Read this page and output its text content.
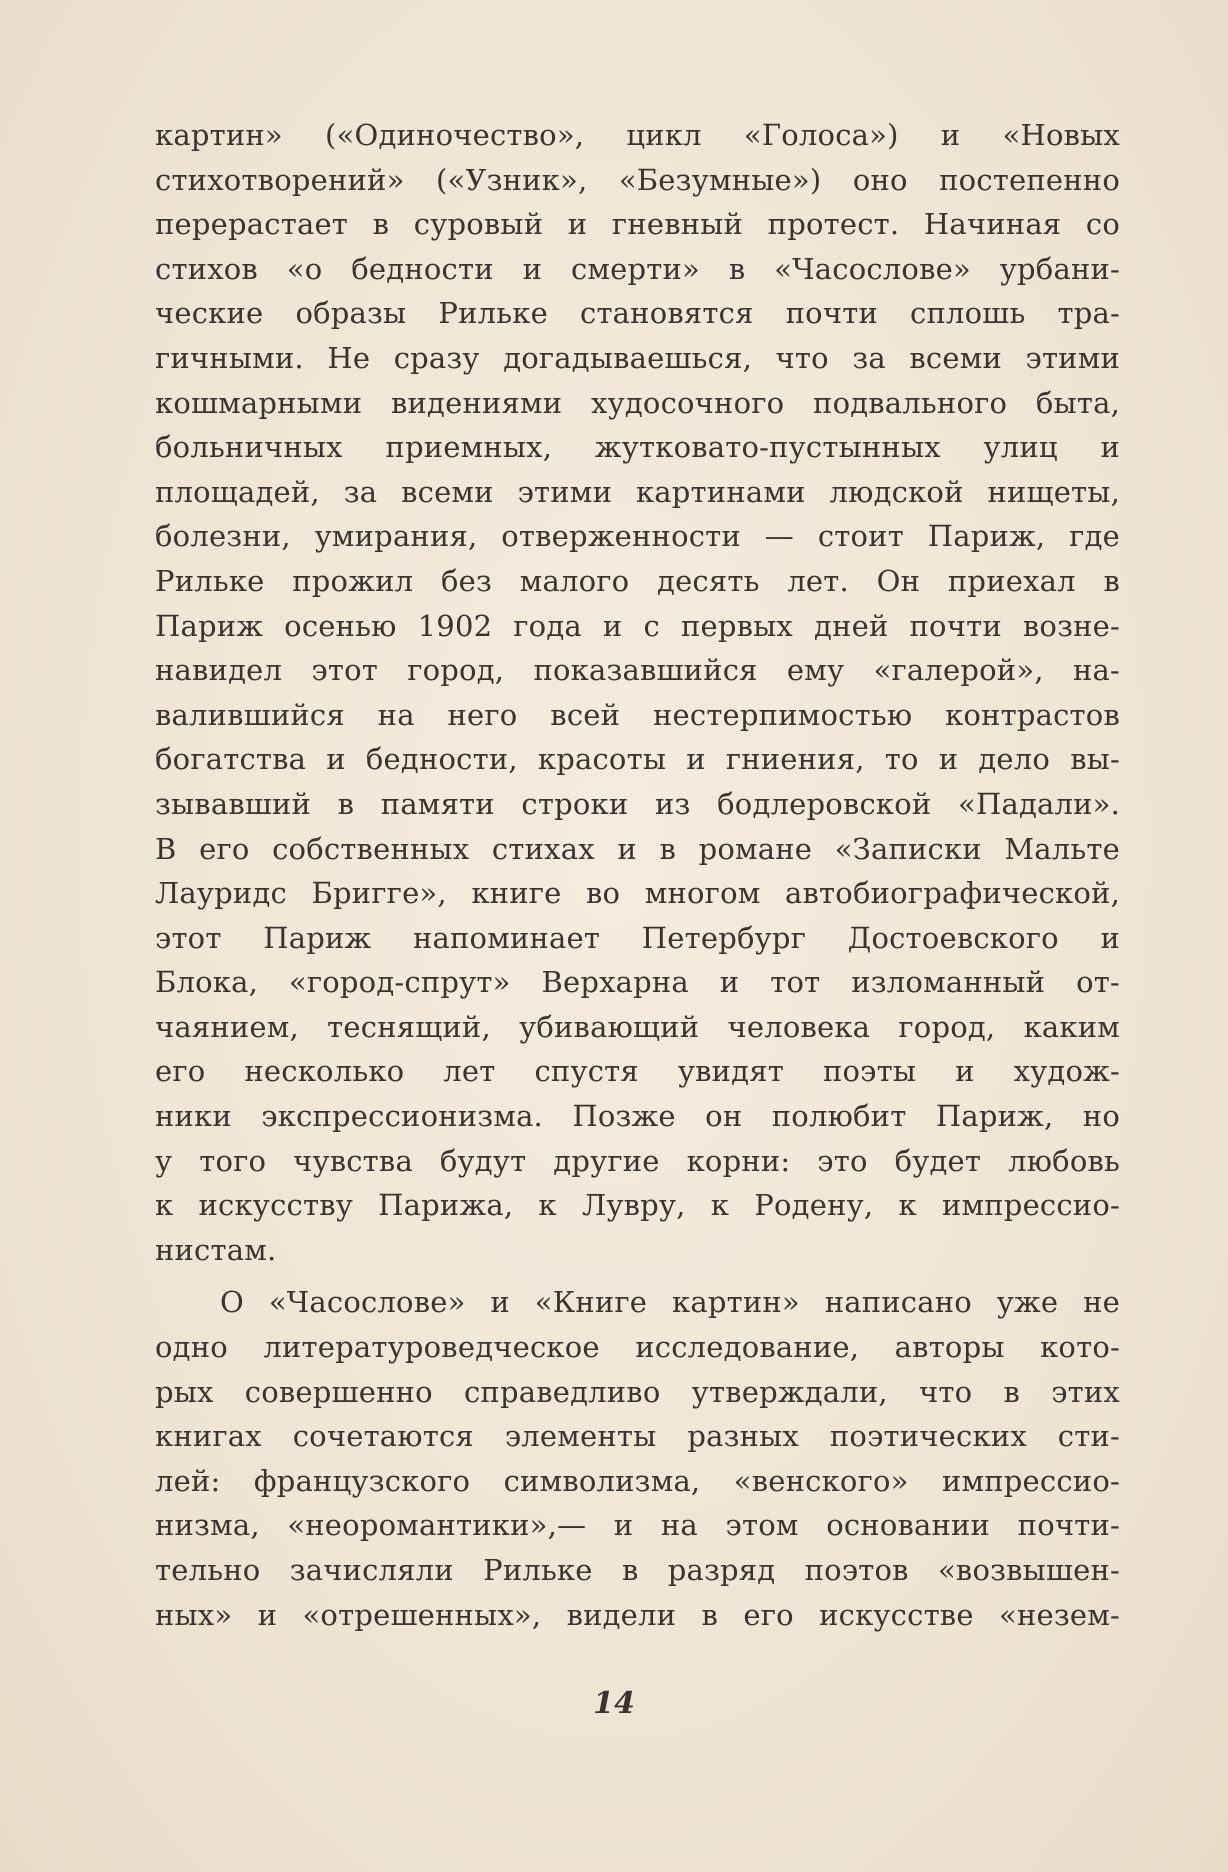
картин» («Одиночество», цикл «Голоса») и «Новых
стихотворений» («Узник», «Безумные») оно постепенно
перерастает в суровый и гневный протест. Начиная со
стихов «о бедности и смерти» в «Часослове» урбани-
ческие образы Рильке становятся почти сплошь тра-
гичными. Не сразу догадываешься, что за всеми этими
кошмарными видениями худосочного подвального быта,
больничных приемных, жутковато-пустынных улиц и
площадей, за всеми этими картинами людской нищеты,
болезни, умирания, отверженности — стоит Париж, где
Рильке прожил без малого десять лет. Он приехал в
Париж осенью 1902 года и с первых дней почти возне-
навидел этот город, показавшийся ему «галерой», на-
валившийся на него всей нестерпимостью контрастов
богатства и бедности, красоты и гниения, то и дело вы-
зывавший в памяти строки из бодлеровской «Падали».
В его собственных стихах и в романе «Записки Мальте
Лауридс Бригге», книге во многом автобиографической,
этот Париж напоминает Петербург Достоевского и
Блока, «город-спрут» Верхарна и тот изломанный от-
чаянием, теснящий, убивающий человека город, каким
его несколько лет спустя увидят поэты и худож-
ники экспрессионизма. Позже он полюбит Париж, но
у того чувства будут другие корни: это будет любовь
к искусству Парижа, к Лувру, к Родену, к импрессио-
нистам.
О «Часослове» и «Книге картин» написано уже не
одно литературоведческое исследование, авторы кото-
рых совершенно справедливо утверждали, что в этих
книгах сочетаются элементы разных поэтических сти-
лей: французского символизма, «венского» импрессио-
низма, «неоромантики»,— и на этом основании почти-
тельно зачисляли Рильке в разряд поэтов «возвышен-
ных» и «отрешенных», видели в его искусстве «незем-
14
